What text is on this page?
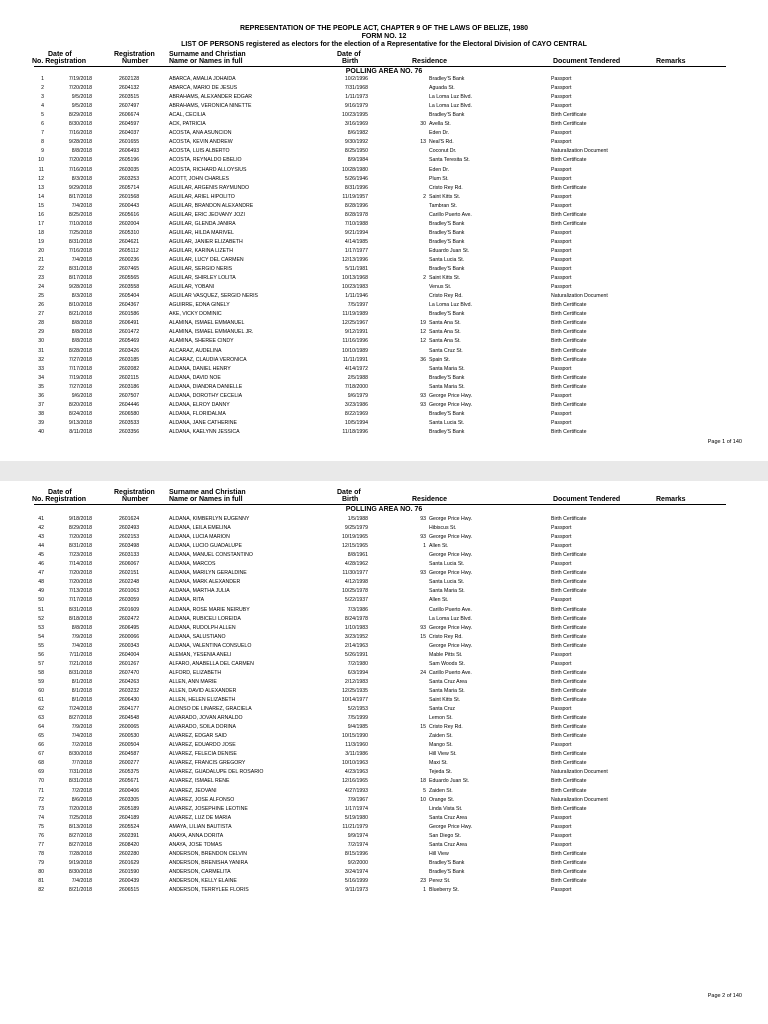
REPRESENTATION OF THE PEOPLE ACT, CHAPTER 9 OF THE LAWS OF BELIZE, 1980
FORM NO. 12
LIST OF PERSONS registered as electors for the election of a Representative for the Electoral Division of CAYO CENTRAL
Date of
No. Registration
Registration
Number
Surname and Christian
Name or Names in full
Date of
Birth	Residence	Document Tendered	Remarks
POLLING AREA NO. 76
Page 1 of 140
1	7/19/2018	2602128	ABARCA, AMALIA JOHAIDA	10/2/1996	Bradley'S Bank	Passport
2	7/20/2018	2604132	ABARCA, MARIO DE JESUS	7/31/1968	Aguada St.	Passport
3	9/5/2018	2603515	ABRAHAMS, ALEXANDER EDGAR	1/11/1973	La Loma Luz Blvd.	Passport
4	9/5/2018	2607497	ABRAHAMS, VERONICA NINETTE	9/16/1979	La Loma Luz Blvd.	Passport
5	8/29/2018	2606674	ACAL, CECILIA	10/23/1995	Bradley'S Bank	Birth Certificate
6	8/30/2018	2604597	ACK, PATRICIA	3/16/1969	30 Avella St.	Birth Certificate
7	7/16/2018	2604037	ACOSTA, ANA ASUNCION	8/6/1982	Eden Dr.	Passport
8	9/28/2018	2601655	ACOSTA, KEVIN ANDREW	9/30/1992	13 Neal'S Rd.	Passport
9	8/8/2018	2606493	ACOSTA, LUIS ALBERTO	8/25/1950	Coconut Dr.	Naturalization Document
10	7/20/2018	2605196	ACOSTA, REYNALDO EBELIO	8/9/1984	Santa Teresita St.	Birth Certificate
11	7/16/2018	2603035	ACOSTA, RICHARD ALLOYSIUS	10/28/1980	Eden Dr.	Passport
12	8/3/2018	2603253	ACOTT, JOHN CHARLES	5/26/1946	Plum St.	Passport
13	9/29/2018	2605714	AGUILAR, ARGENIS RAYMUNDO	8/31/1996	Cristo Rey Rd.	Birth Certificate
14	8/17/2018	2601568	AGUILAR, ARIEL HIPOLITO	11/19/1957	2 Saint Kitts St.	Passport
15	7/4/2018	2600443	AGUILAR, BRANDON ALEXANDRE	8/28/1996	Tambran St.	Passport
16	8/25/2018	2605616	AGUILAR, ERIC JEOVANY JOZI	8/28/1978	Carillo Puerto Ave.	Birth Certificate
17	7/10/2018	2602004	AGUILAR, GLENDA JANIRA	7/10/1988	Bradley'S Bank	Birth Certificate
18	7/25/2018	2605310	AGUILAR, HILDA MARIVEL	9/21/1994	Bradley'S Bank	Passport
19	8/31/2018	2604621	AGUILAR, JANIER ELIZABETH	4/14/1985	Bradley'S Bank	Passport
20	7/16/2018	2605112	AGUILAR, KARINA LIZETH	1/17/1977	Eduardo Juan St.	Passport
21	7/4/2018	2600236	AGUILAR, LUCY DEL CARMEN	12/13/1996	Santa Lucia St.	Passport
22	8/31/2018	2607465	AGUILAR, SERGIO NERIS	5/11/1981	Bradley'S Bank	Passport
23	8/17/2018	2605565	AGUILAR, SHIRLEY LOLITA	10/13/1968	2 Saint Kitts St.	Passport
24	9/28/2018	2603558	AGUILAR, YOBANI	10/23/1983	Venus St.	Passport
25	8/3/2018	2605404	AGUILAR VASQUEZ, SERGIO NERIS	1/11/1946	Cristo Rey Rd.	Naturalization Document
26	8/10/2018	2604367	AGUIRRE, EDNA GINELY	7/5/1997	La Loma Luz Blvd.	Birth Certificate
27	8/21/2018	2601586	AKE, VICKY DOMINIC	11/19/1989	Bradley'S Bank	Birth Certificate
28	8/8/2018	2606491	ALAMINA, ISMAEL EMMANUEL	12/25/1967	19 Santa Ana St.	Birth Certificate
29	8/8/2018	2601472	ALAMINA, ISMAEL EMMANUEL JR.	9/12/1991	12 Santa Ana St.	Birth Certificate
30	8/8/2018	2605469	ALAMINA, SHEREE CINDY	11/16/1996	12 Santa Ana St.	Birth Certificate
31	8/28/2018	2603426	ALCARAZ, AUDELINA	10/10/1989	Santa Cruz St.	Birth Certificate
32	7/27/2018	2603185	ALCARAZ, CLAUDIA VERONICA	11/11/1991	36 Spain St.	Birth Certificate
33	7/17/2018	2602082	ALDANA, DANIEL HENRY	4/14/1972	Santa Maria St.	Passport
34	7/19/2018	2602115	ALDANA, DAVID NOE	2/5/1988	Bradley'S Bank	Birth Certificate
35	7/27/2018	2603186	ALDANA, DIANDRA DANIELLE	7/18/2000	Santa Maria St.	Birth Certificate
36	9/6/2018	2607507	ALDANA, DOROTHY CECELIA	9/6/1979	93 George Price Hwy.	Passport
37	8/20/2018	2604446	ALDANA, ELROY DANNY	3/23/1986	93 George Price Hwy.	Birth Certificate
38	8/24/2018	2606580	ALDANA, FLORIDALMA	8/22/1969	Bradley'S Bank	Passport
39	9/13/2018	2603533	ALDANA, JANE CATHERINE	10/5/1994	Santa Lucia St.	Passport
40	8/11/2018	2603356	ALDANA, KAELYNN JESSICA	11/18/1996	Bradley'S Bank	Birth Certificate
Date of
No. Registration
Registration
Number
Surname and Christian
Name or Names in full
Date of
Birth	Residence	Document Tendered	Remarks
POLLING AREA NO. 76
Page 2 of 140
41	9/18/2018	2601624	ALDANA, KIMBERLYN EUGENNY	1/5/1988	93 George Price Hwy.	Birth Certificate
42	8/29/2018	2602493	ALDANA, LEILA EMELINA	9/25/1979	Hibiscus St.	Passport
43	7/20/2018	2602153	ALDANA, LUCIA MARION	10/19/1965	93 George Price Hwy.	Passport
44	8/31/2018	2603498	ALDANA, LUCIO GUADALUPE	12/15/1965	1 Allen St.	Passport
45	7/23/2018	2603133	ALDANA, MANUEL CONSTANTINO	8/8/1961	George Price Hwy.	Birth Certificate
46	7/14/2018	2606067	ALDANA, MARCOS	4/28/1962	Santa Lucia St.	Passport
47	7/20/2018	2602151	ALDANA, MARILYN GERALDINE	11/30/1977	93 George Price Hwy.	Birth Certificate
48	7/20/2018	2602248	ALDANA, MARK ALEXANDER	4/12/1998	Santa Lucia St.	Birth Certificate
49	7/13/2018	2601063	ALDANA, MARTHA JULIA	10/25/1978	Santa Maria St.	Birth Certificate
50	7/17/2018	2603059	ALDANA, RITA	5/22/1937	Allen St.	Passport
51	8/31/2018	2601609	ALDANA, ROSE MARIE NEIRUBY	7/3/1986	Carillo Puerto Ave.	Birth Certificate
52	8/18/2018	2602472	ALDANA, RUBICELI LOREIDA	8/24/1978	La Loma Luz Blvd.	Birth Certificate
53	8/8/2018	2606495	ALDANA, RUDOLPH ALLEN	1/10/1983	93 George Price Hwy.	Birth Certificate
54	7/9/2018	2600066	ALDANA, SALUSTIANO	3/23/1952	15 Cristo Rey Rd.	Birth Certificate
55	7/4/2018	2600343	ALDANA, VALENTINA CONSUELO	2/14/1963	George Price Hwy.	Birth Certificate
56	7/11/2018	2604004	ALEMAN, YESENIA ANELI	5/26/1991	Mable Pitts St.	Passport
57	7/21/2018	2601267	ALFARO, ANABELLA DEL CARMEN	7/2/1980	Sam Woods St.	Passport
58	8/31/2018	2607470	ALFORD, ELIZABETH	6/3/1994	24 Carillo Puerto Ave.	Birth Certificate
59	8/1/2018	2604263	ALLEN, ANN MARIE	2/12/1983	Santa Cruz Area	Birth Certificate
60	8/1/2018	2603232	ALLEN, DAVID ALEXANDER	12/25/1935	Santa Maria St.	Birth Certificate
61	8/1/2018	2606430	ALLEN, HELEN ELIZABETH	10/14/1977	Saint Kitts St.	Birth Certificate
62	7/24/2018	2604177	ALONSO DE LINAREZ, GRACIELA	5/2/1953	Santa Cruz	Passport
63	8/27/2018	2604548	ALVARADO, JOVAN ARNALDO	7/5/1999	Lemon St.	Birth Certificate
64	7/9/2018	2600065	ALVARADO, SOILA DORINA	9/4/1985	15 Cristo Rey Rd.	Birth Certificate
65	7/4/2018	2600530	ALVAREZ, EDGAR SAID	10/15/1990	Zaiden St.	Birth Certificate
66	7/2/2018	2600504	ALVAREZ, EDUARDO JOSE	11/3/1960	Mango St.	Passport
67	8/30/2018	2604587	ALVAREZ, FELECIA DENISE	3/11/1986	Hill View St.	Birth Certificate
68	7/7/2018	2600277	ALVAREZ, FRANCIS GREGORY	10/10/1963	Maxi St.	Birth Certificate
69	7/31/2018	2605375	ALVAREZ, GUADALUPE DEL ROSARIO	4/23/1963	Tejeda St.	Naturalization Document
70	8/31/2018	2605671	ALVAREZ, ISMAEL RENE	12/16/1965	18 Eduardo Juan St.	Birth Certificate
71	7/2/2018	2600406	ALVAREZ, JEOVANI	4/27/1993	5 Zaiden St.	Birth Certificate
72	8/6/2018	2603305	ALVAREZ, JOSE ALFONSO	7/9/1967	10 Orange St.	Naturalization Document
73	7/20/2018	2605189	ALVAREZ, JOSEPHINE LEOTINE	1/17/1974	Linda Vista St.	Birth Certificate
74	7/25/2018	2604189	ALVAREZ, LUZ DE MARIA	5/19/1980	Santa Cruz Area	Passport
75	8/13/2018	2605524	AMAYA, LILIAN BAUTISTA	11/21/1979	George Price Hwy.	Passport
76	8/27/2018	2602391	ANAYA, ANNA DORITA	9/9/1974	San Diego St.	Passport
77	8/27/2018	2608420	ANAYA, JOSE TOMAS	7/2/1974	Santa Cruz Area	Passport
78	7/28/2018	2602280	ANDERSON, BRENDON CELVIN	8/15/1996	Hill View	Birth Certificate
79	9/19/2018	2601629	ANDERSON, BRENISHA YANIRA	9/2/2000	Bradley'S Bank	Birth Certificate
80	8/30/2018	2601590	ANDERSON, CARMELITA	3/24/1974	Bradley'S Bank	Birth Certificate
81	7/4/2018	2600439	ANDERSON, KELLY ELAINE	5/16/1999	23 Perez St.	Birth Certificate
82	8/21/2018	2606515	ANDERSON, TERRYLEE FLORIS	9/11/1973	1 Blueberry St.	Passport
